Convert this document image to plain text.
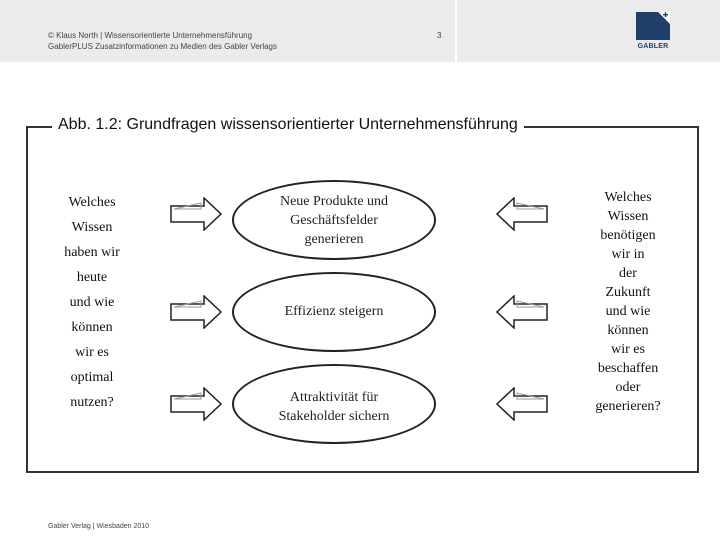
© Klaus North | Wissensorientierte Unternehmensführung
GablerPLUS Zusatzinformationen zu Medien des Gabler Verlags
3
GABLER
Abb. 1.2: Grundfragen wissensorientierter Unternehmensführung
Welches
Wissen
haben wir
heute
und wie
können
wir es
optimal
nutzen?
Welches
Wissen
benötigen
wir in
der
Zukunft
und wie
können
wir es
beschaffen
oder
generieren?
Neue Produkte und
Geschäftsfelder
generieren
Effizienz steigern
Attraktivität für
Stakeholder sichern
Gabler Verlag | Wiesbaden 2010
